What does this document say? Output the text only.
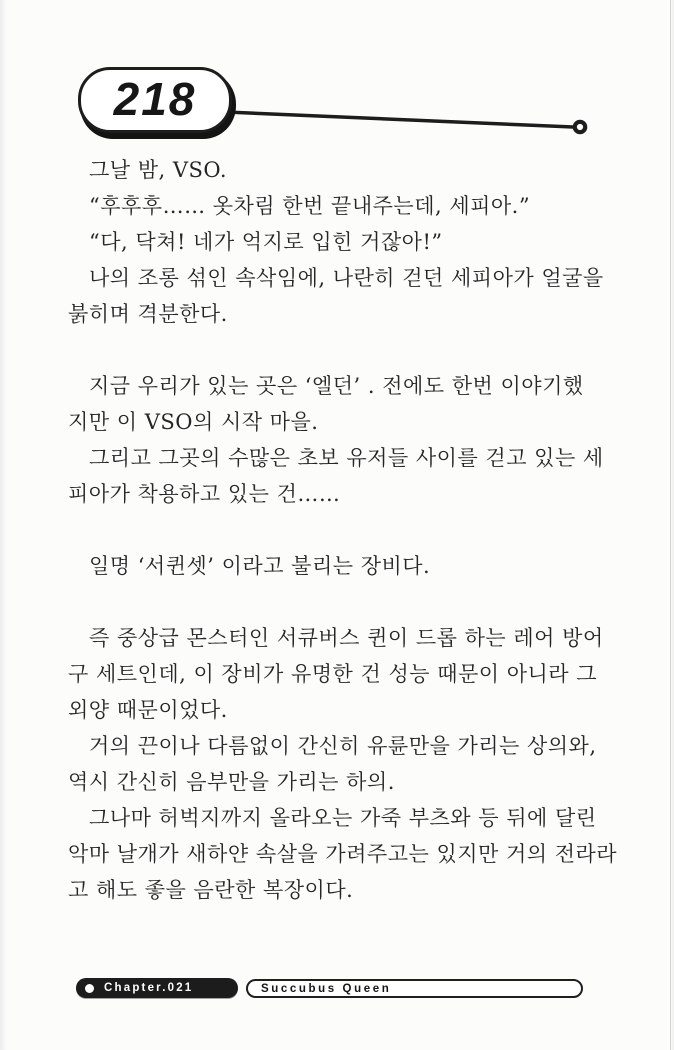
218
그날 밤, VSO.
“후후후…… 옷차림 한번 끝내주는데, 세피아.”
“다, 닥쳐! 네가 억지로 입힌 거잖아!”
나의 조롱 섞인 속삭임에, 나란히 걷던 세피아가 얼굴을
붉히며 격분한다.
지금 우리가 있는 곳은 ‘엘던’ . 전에도 한번 이야기했
지만 이 VSO의 시작 마을.
그리고 그곳의 수많은 초보 유저들 사이를 걷고 있는 세
피아가 착용하고 있는 건……
일명 ‘서퀸셋’ 이라고 불리는 장비다.
즉 중상급 몬스터인 서큐버스 퀸이 드롭 하는 레어 방어
구 세트인데, 이 장비가 유명한 건 성능 때문이 아니라 그
외양 때문이었다.
거의 끈이나 다름없이 간신히 유륜만을 가리는 상의와,
역시 간신히 음부만을 가리는 하의.
그나마 허벅지까지 올라오는 가죽 부츠와 등 뒤에 달린
악마 날개가 새하얀 속살을 가려주고는 있지만 거의 전라라
고 해도 좋을 음란한 복장이다.
Chapter.021	Succubus Queen
